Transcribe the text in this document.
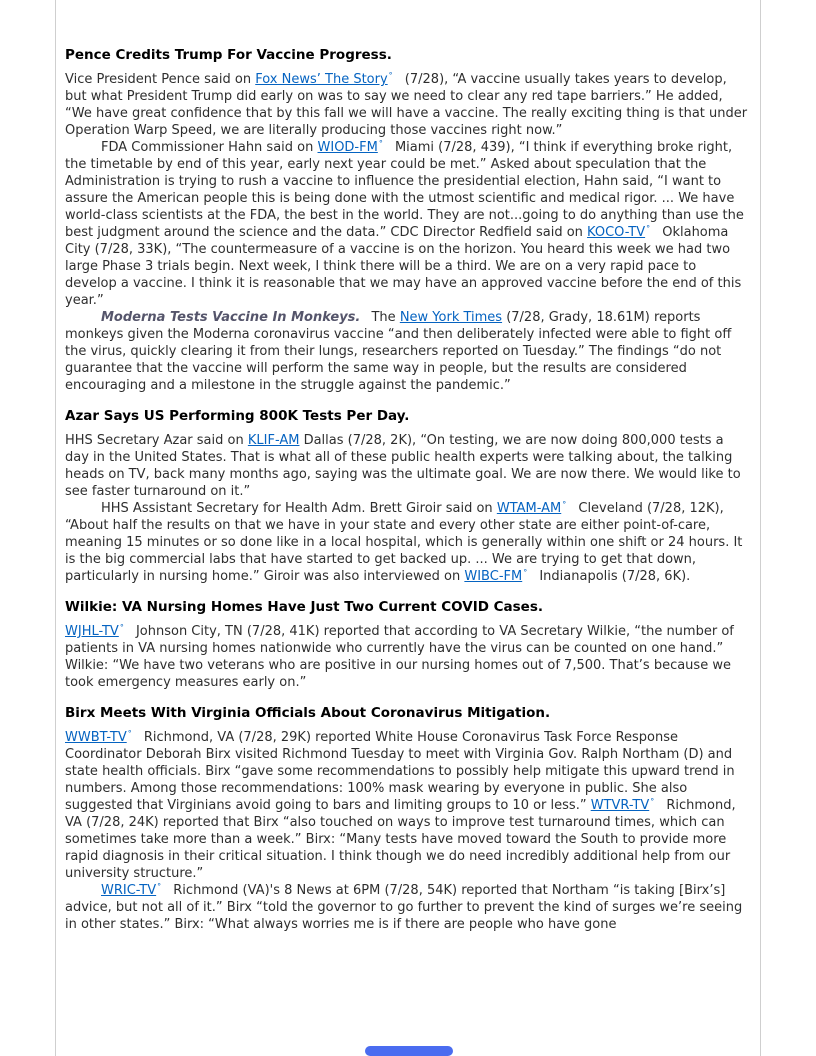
Pence Credits Trump For Vaccine Progress.

Vice President Pence said on Fox News’ The Story° (7/28), “A vaccine usually takes years to develop, but what President Trump did early on was to say we need to clear any red tape barriers.” He added, “We have great confidence that by this fall we will have a vaccine. The really exciting thing is that under Operation Warp Speed, we are literally producing those vaccines right now.”

FDA Commissioner Hahn said on WIOD-FM° Miami (7/28, 439), “I think if everything broke right, the timetable by end of this year, early next year could be met.” Asked about speculation that the Administration is trying to rush a vaccine to influence the presidential election, Hahn said, “I want to assure the American people this is being done with the utmost scientific and medical rigor. ... We have world-class scientists at the FDA, the best in the world. They are not...going to do anything than use the best judgment around the science and the data.” CDC Director Redfield said on KOCO-TV° Oklahoma City (7/28, 33K), “The countermeasure of a vaccine is on the horizon. You heard this week we had two large Phase 3 trials begin. Next week, I think there will be a third. We are on a very rapid pace to develop a vaccine. I think it is reasonable that we may have an approved vaccine before the end of this year.”

Moderna Tests Vaccine In Monkeys. The New York Times (7/28, Grady, 18.61M) reports monkeys given the Moderna coronavirus vaccine “and then deliberately infected were able to fight off the virus, quickly clearing it from their lungs, researchers reported on Tuesday.” The findings “do not guarantee that the vaccine will perform the same way in people, but the results are considered encouraging and a milestone in the struggle against the pandemic.”

Azar Says US Performing 800K Tests Per Day.

HHS Secretary Azar said on KLIF-AM Dallas (7/28, 2K), “On testing, we are now doing 800,000 tests a day in the United States. That is what all of these public health experts were talking about, the talking heads on TV, back many months ago, saying was the ultimate goal. We are now there. We would like to see faster turnaround on it.”

HHS Assistant Secretary for Health Adm. Brett Giroir said on WTAM-AM° Cleveland (7/28, 12K), “About half the results on that we have in your state and every other state are either point-of-care, meaning 15 minutes or so done like in a local hospital, which is generally within one shift or 24 hours. It is the big commercial labs that have started to get backed up. ... We are trying to get that down, particularly in nursing home.” Giroir was also interviewed on WIBC-FM° Indianapolis (7/28, 6K).

Wilkie: VA Nursing Homes Have Just Two Current COVID Cases.

WJHL-TV° Johnson City, TN (7/28, 41K) reported that according to VA Secretary Wilkie, “the number of patients in VA nursing homes nationwide who currently have the virus can be counted on one hand.” Wilkie: “We have two veterans who are positive in our nursing homes out of 7,500. That’s because we took emergency measures early on.”

Birx Meets With Virginia Officials About Coronavirus Mitigation.

WWBT-TV° Richmond, VA (7/28, 29K) reported White House Coronavirus Task Force Response Coordinator Deborah Birx visited Richmond Tuesday to meet with Virginia Gov. Ralph Northam (D) and state health officials. Birx “gave some recommendations to possibly help mitigate this upward trend in numbers. Among those recommendations: 100% mask wearing by everyone in public. She also suggested that Virginians avoid going to bars and limiting groups to 10 or less.” WTVR-TV° Richmond, VA (7/28, 24K) reported that Birx “also touched on ways to improve test turnaround times, which can sometimes take more than a week.” Birx: “Many tests have moved toward the South to provide more rapid diagnosis in their critical situation. I think though we do need incredibly additional help from our university structure.”

WRIC-TV° Richmond (VA)'s 8 News at 6PM (7/28, 54K) reported that Northam “is taking [Birx’s] advice, but not all of it.” Birx “told the governor to go further to prevent the kind of surges we’re seeing in other states.” Birx: “What always worries me is if there are people who have gone
